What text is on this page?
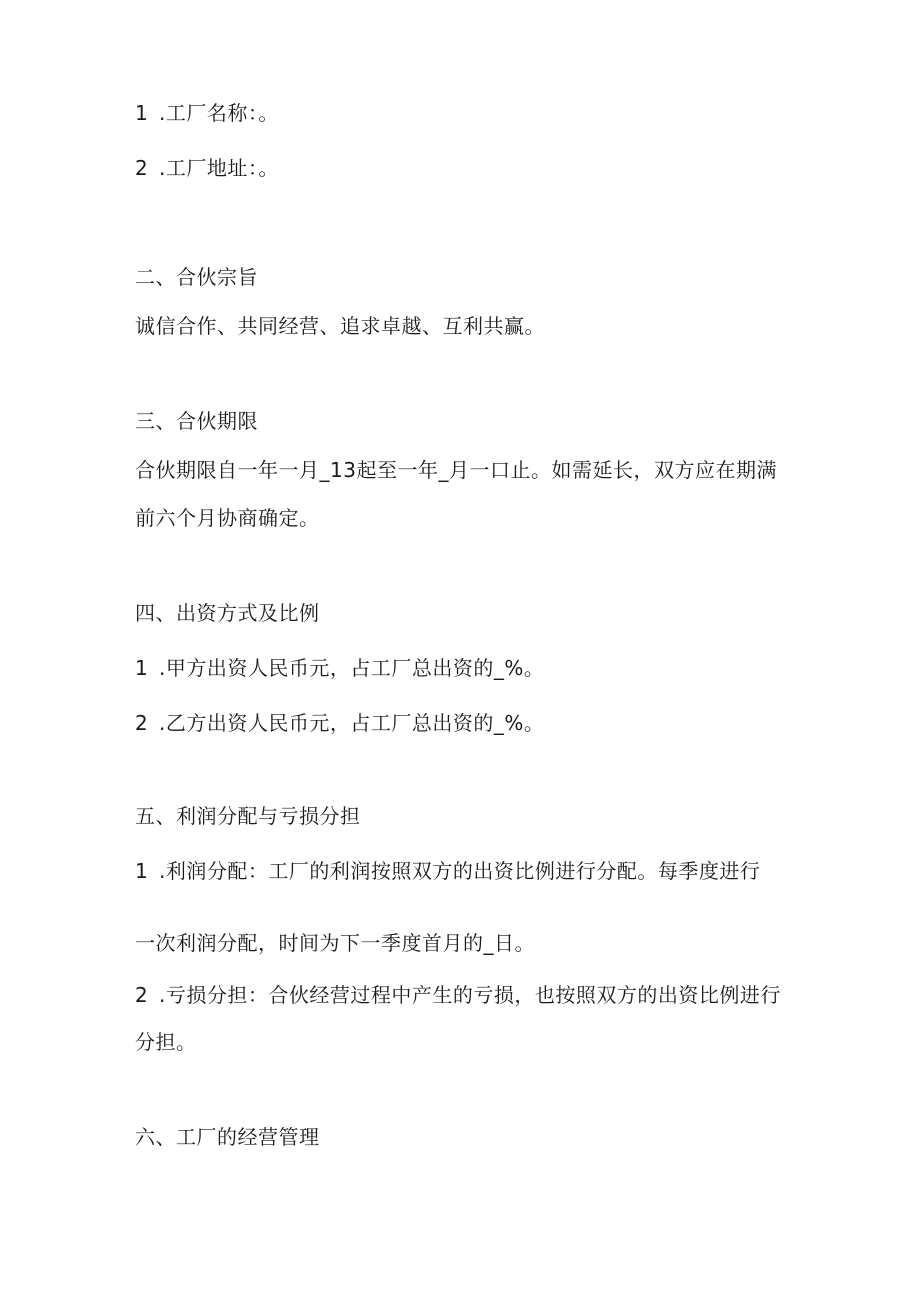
1 .工厂名称：。
2 .工厂地址：。
二、合伙宗旨
诚信合作、共同经营、追求卓越、互利共赢。
三、合伙期限
合伙期限自一年一月_13起至一年_月一口止。如需延长，双方应在期满
前六个月协商确定。
四、出资方式及比例
1 .甲方出资人民币元，占工厂总出资的_%。
2 .乙方出资人民币元，占工厂总出资的_%。
五、利润分配与亏损分担
1 .利润分配：工厂的利润按照双方的出资比例进行分配。每季度进行
一次利润分配，时间为下一季度首月的_日。
2 .亏损分担：合伙经营过程中产生的亏损，也按照双方的出资比例进行
分担。
六、工厂的经营管理
